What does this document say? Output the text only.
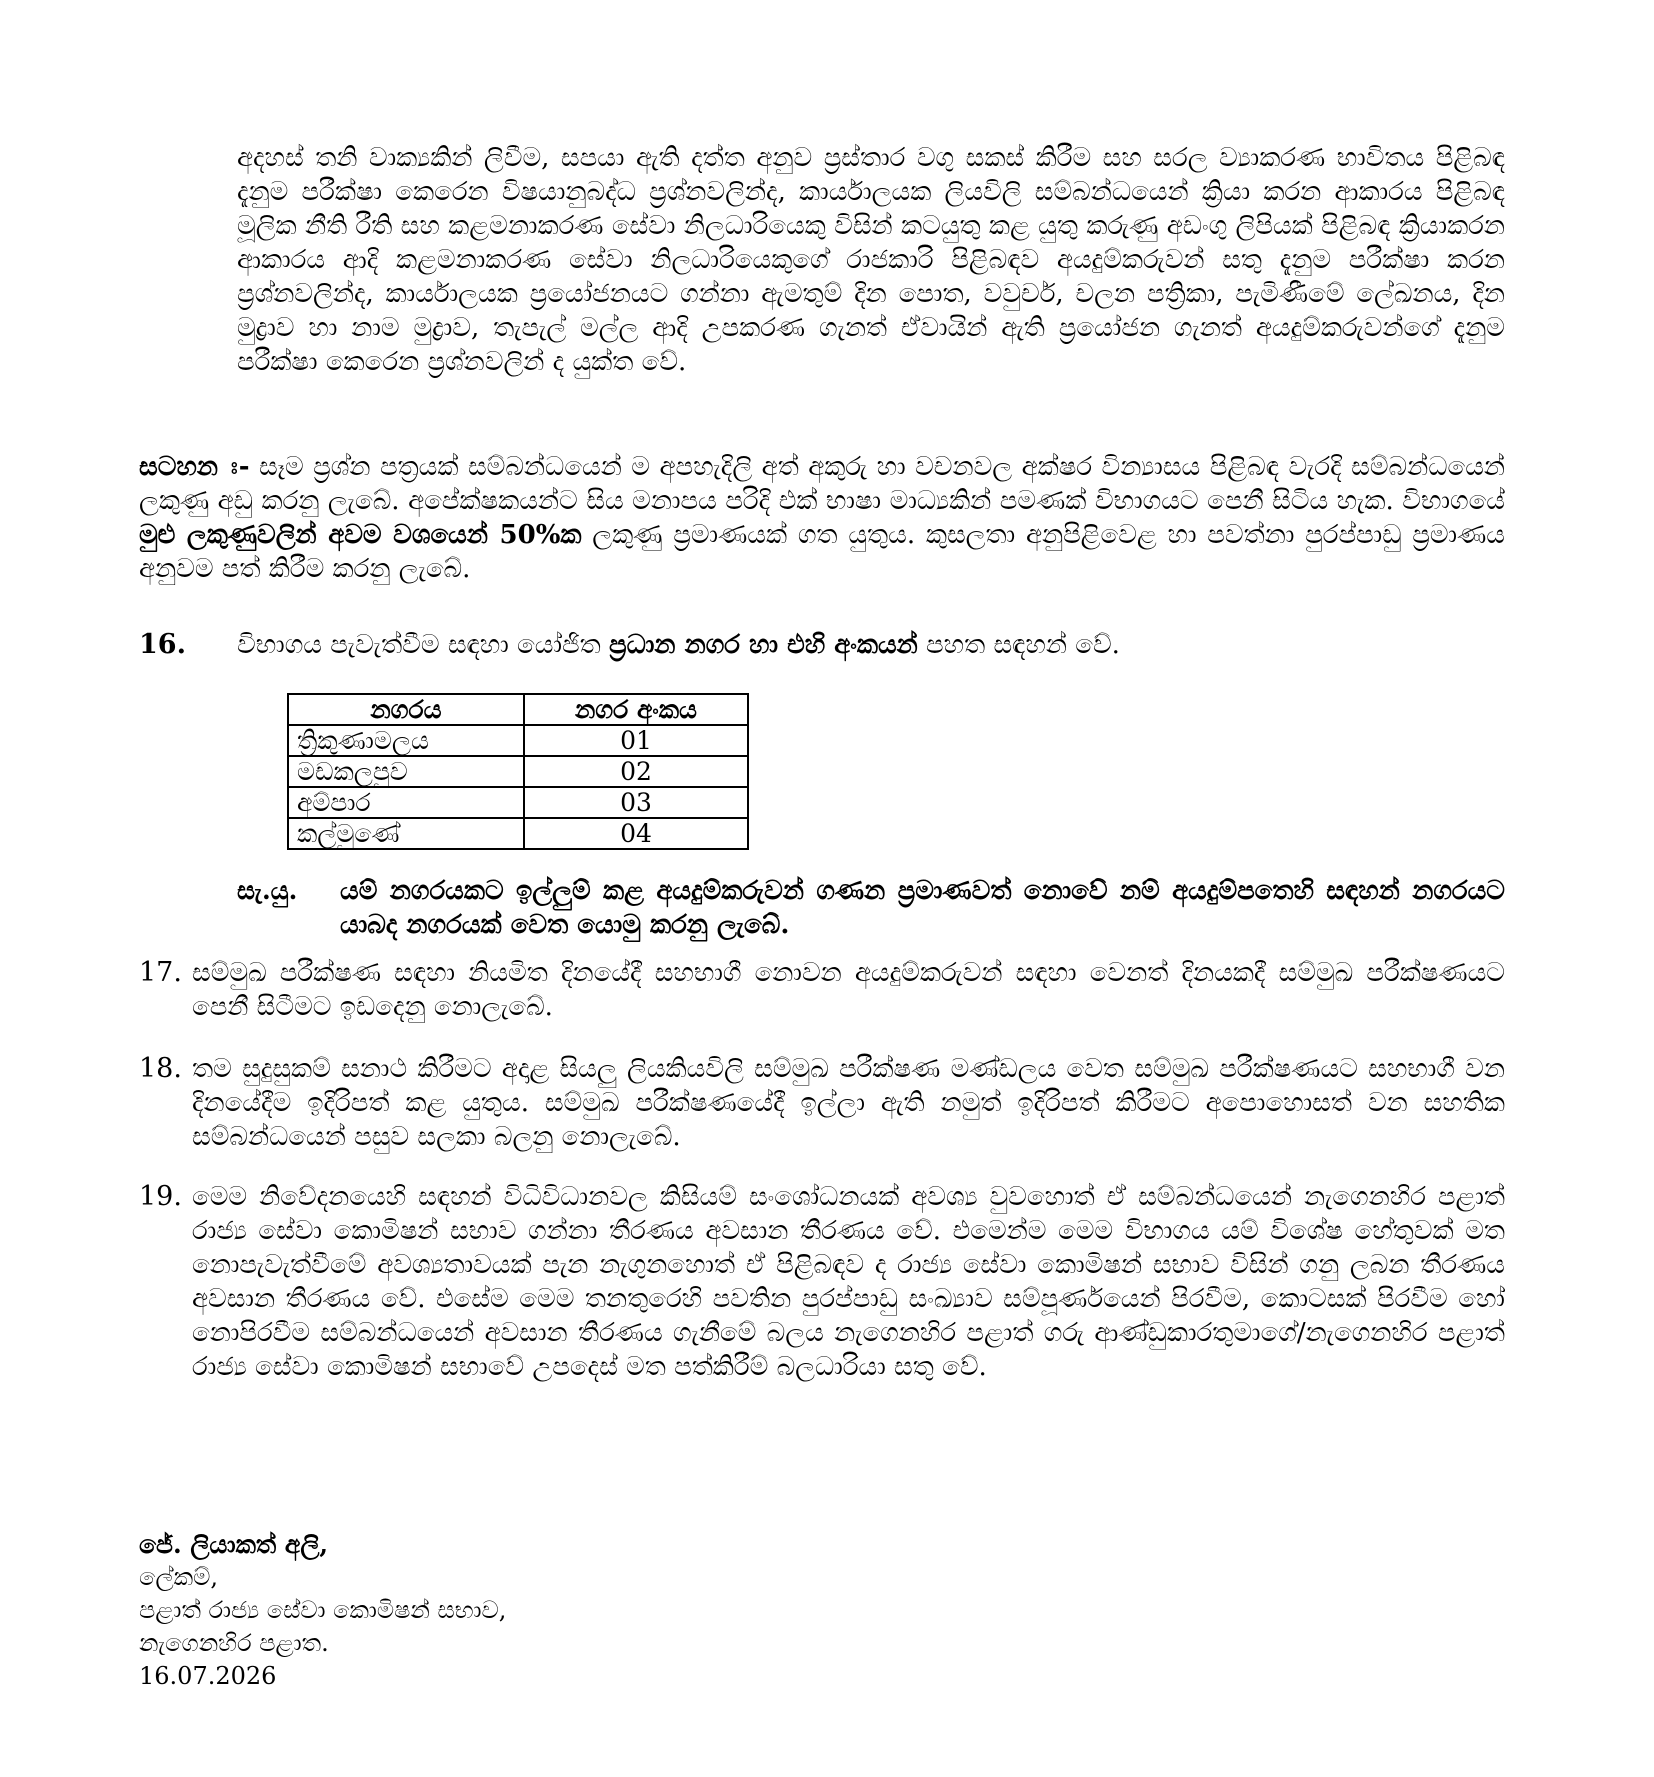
අදහස් තනි වාක්‍යකින් ලිවීම, සපයා ඇති දත්ත අනුව ප්‍රස්තාර වගු සකස් කිරීම සහ සරල ව්‍යාකරණ භාවිතය පිළිබඳ දැනුම පරීක්ෂා කෙරෙන විෂයානුබද්ධ ප්‍රශ්නවලින්ද, කාර්යාලයක ලියවිලි සම්බන්ධයෙන් ක්‍රියා කරන ආකාරය පිළිබඳ මූලික නීති රීති සහ කළමනාකරණ සේවා නිලධාරියෙකු විසින් කටයුතු කළ යුතු කරුණු අඩංගු ලිපියක් පිළිබඳ ක්‍රියාකරන ආකාරය ආදි කළමනාකරණ සේවා නිලධාරියෙකුගේ රාජකාරි පිළිබඳව අයදුම්කරුවන් සතු දැනුම පරීක්ෂා කරන ප්‍රශ්නවලින්ද, කාර්යාලයක ප්‍රයෝජනයට ගන්නා ඇමතුම් දින පොත, වවුචර්, චලන පත්‍රිකා, පැමිණීමේ ලේඛනය, දින මුද්‍රාව හා නාම මුද්‍රාව, තැපැල් මල්ල ආදි උපකරණ ගැනත් ඒවායින් ඇති ප්‍රයෝජන ගැනත් අයදුම්කරුවන්ගේ දැනුම පරීක්ෂා කෙරෙන ප්‍රශ්නවලින් ද යුක්ත වේ.

සටහන ඃ- සෑම ප්‍රශ්න පත්‍රයක් සම්බන්ධයෙන් ම අපහැදිලි අත් අකුරු හා වචනවල අක්ෂර වින්‍යාසය පිළිබඳ වැරදි සම්බන්ධයෙන් ලකුණු අඩු කරනු ලැබේ. අපේක්ෂකයන්ට සිය මනාපය පරිදි එක් භාෂා මාධ්‍යකින් පමණක් විභාගයට පෙනී සිටිය හැක. විභාගයේ මුළු ලකුණුවලින් අවම වශයෙන් 50%ක ලකුණු ප්‍රමාණයක් ගත යුතුය. කුසලතා අනුපිළිවෙළ හා පවත්නා පුරප්පාඩු ප්‍රමාණය අනුවම පත් කිරීම කරනු ලැබේ.

16. විභාගය පැවැත්වීම සඳහා යෝජිත ප්‍රධාන නගර හා එහි අංකයන් පහත සඳහන් වේ.

නගරය	නගර අංකය
ත්‍රිකුණාමලය	01
මඩකලපුව	02
අම්පාර	03
කල්මුණේ	04
සැ.යු. යම් නගරයකට ඉල්ලුම් කළ අයදුම්කරුවන් ගණන ප්‍රමාණවත් නොවේ නම් අයදුම්පතෙහි සඳහන් නගරයට යාබද නගරයක් වෙත යොමු කරනු ලැබේ.

17. සම්මුඛ පරීක්ෂණ සඳහා නියමිත දිනයේදී සහභාගී නොවන අයදුම්කරුවන් සඳහා වෙනත් දිනයකදී සම්මුඛ පරීක්ෂණයට පෙනී සිටීමට ඉඩදෙනු නොලැබේ.

18. තම සුදුසුකම් සනාථ කිරීමට අදාළ සියලු ලියකියවිලි සම්මුඛ පරීක්ෂණ මණ්ඩලය වෙත සම්මුඛ පරීක්ෂණයට සහභාගී වන දිනයේදීම ඉදිරිපත් කළ යුතුය. සම්මුඛ පරීක්ෂණයේදී ඉල්ලා ඇති නමුත් ඉදිරිපත් කිරීමට අපොහොසත් වන සහතික සම්බන්ධයෙන් පසුව සලකා බලනු නොලැබේ.

19. මෙම නිවේදනයෙහි සඳහන් විධිවිධානවල කිසියම් සංශෝධනයක් අවශ්‍ය වුවහොත් ඒ සම්බන්ධයෙන් නැගෙනහිර පළාත් රාජ්‍ය සේවා කොමිෂන් සභාව ගන්නා තීරණය අවසාන තීරණය වේ. එමෙන්ම මෙම විභාගය යම් විශේෂ හේතුවක් මත නොපැවැත්වීමේ අවශ්‍යතාවයක් පැන නැගුනහොත් ඒ පිළිබඳව ද රාජ්‍ය සේවා කොමිෂන් සභාව විසින් ගනු ලබන තීරණය අවසාන තීරණය වේ. එසේම මෙම තනතුරෙහි පවතින පුරප්පාඩු සංඛ්‍යාව සම්පූර්ණයෙන් පිරවීම, කොටසක් පිරවීම හෝ නොපිරවීම සම්බන්ධයෙන් අවසාන තීරණය ගැනීමේ බලය නැගෙනහිර පළාත් ගරු ආණ්ඩුකාරතුමාගේ/නැගෙනහිර පළාත් රාජ්‍ය සේවා කොමිෂන් සභාවේ උපදෙස් මත පත්කිරීම් බලධාරියා සතු වේ.

ජේ. ලියාකත් අලි,
ලේකම්,
පළාත් රාජ්‍ය සේවා කොමිෂන් සභාව,
නැගෙනහිර පළාත.
16.07.2026
